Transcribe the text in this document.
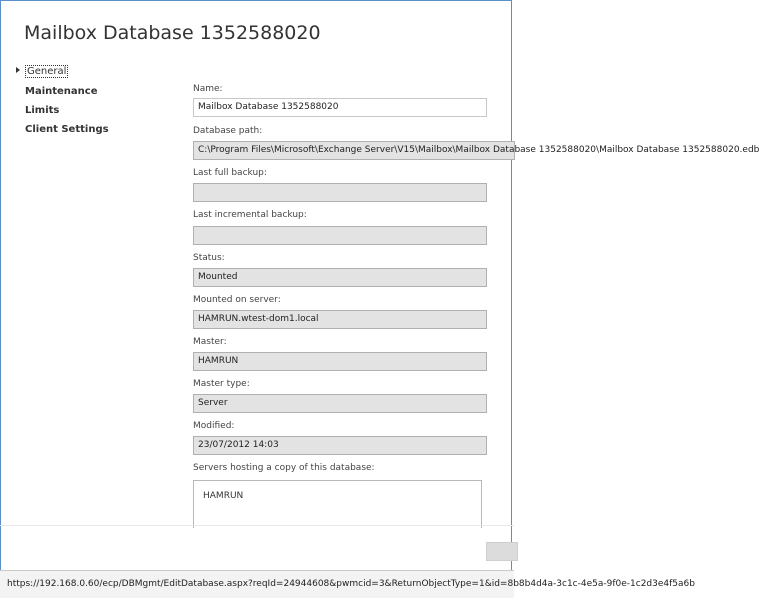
Mailbox Database 1352588020
General
Maintenance
Limits
Client Settings
Name:
Mailbox Database 1352588020
Database path:
C:\Program Files\Microsoft\Exchange Server\V15\Mailbox\Mailbox Database 1352588020\Mailbox Database 1352588020.edb
Last full backup:
Last incremental backup:
Status:
Mounted
Mounted on server:
HAMRUN.wtest-dom1.local
Master:
HAMRUN
Master type:
Server
Modified:
23/07/2012 14:03
Servers hosting a copy of this database:
HAMRUN
https://192.168.0.60/ecp/DBMgmt/EditDatabase.aspx?reqId=24944608&pwmcid=3&ReturnObjectType=1&id=8b8b4d4a-3c1c-4e5a-9f0e-1c2d3e4f5a6b
